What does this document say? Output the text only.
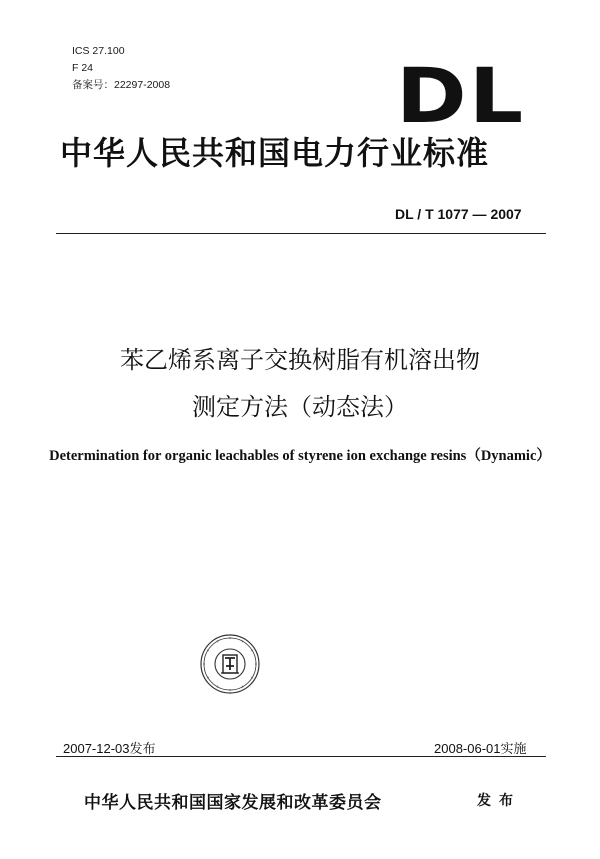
ICS 27.100
F 24
备案号：22297-2008	DL
中华人民共和国电力行业标准
DL / T 1077 — 2007
苯乙烯系离子交换树脂有机溶出物
测定方法（动态法）
Determination for organic leachables of styrene ion exchange resins（Dynamic）
2007-12-03发布	2008-06-01实施
中华人民共和国国家发展和改革委员会	发布
